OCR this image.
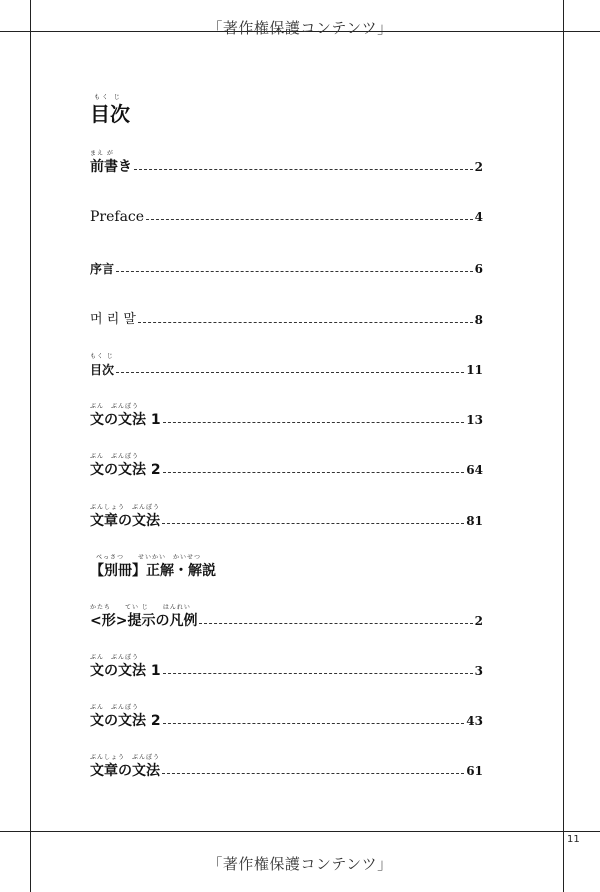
「著作権保護コンテンツ」
「著作権保護コンテンツ」
11
もく じ
目次
まえ が
前書き	2
Preface	4
序言	6
머 리 말	8
もく じ
目次	11
ぶん　ぶんぽう
文の文法 1	13
ぶん　ぶんぽう
文の文法 2	64
ぶんしょう　ぶんぽう
文章の文法	81
べっさつ　　せいかい　かいせつ
【別冊】正解・解説
かたち　　てい じ　　はんれい
<形>提示の凡例	2
ぶん　ぶんぽう
文の文法 1	3
ぶん　ぶんぽう
文の文法 2	43
ぶんしょう　ぶんぽう
文章の文法	61
